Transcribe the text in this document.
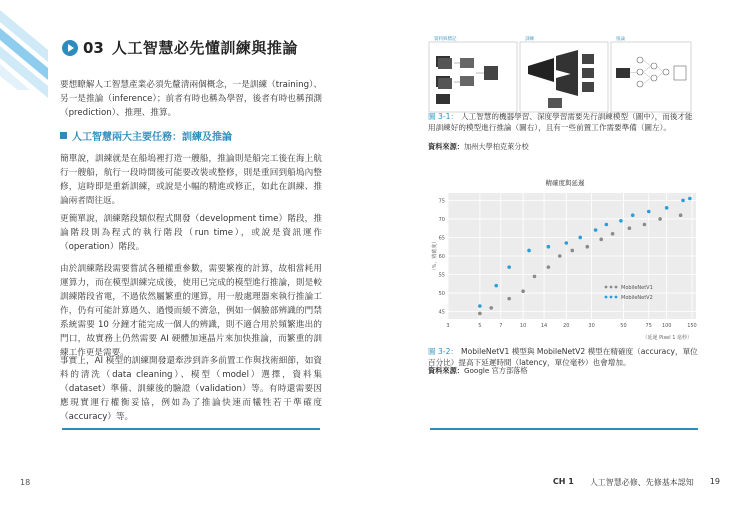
03 人工智慧必先懂訓練與推論

要想瞭解人工智慧產業必須先釐清兩個概念，一是訓練（training）、另一是推論（inference）；前者有時也稱為學習，後者有時也稱預測（prediction）、推理、推算。

人工智慧兩大主要任務：訓練及推論

簡單說，訓練就是在船塢裡打造一艘船，推論則是船完工後在海上航行一艘船，航行一段時間後可能要改裝或整修，則是重回到船塢內整修，這時即是重新訓練，或說是小幅的精進或修正，如此在訓練、推論兩者間往返。

更簡單說，訓練階段類似程式開發（development time）階段，推論階段則為程式的執行階段（run time），或說是資訊運作（operation）階段。

由於訓練階段需要嘗試各種權重參數，需要繁複的計算，故相當耗用運算力，而在模型訓練完成後，使用已完成的模型進行推論，則是較訓練階段省電，不過依然屬繁重的運算，用一般處理器來執行推論工作，仍有可能計算過久、過慢而緩不濟急，例如一個臉部辨識的門禁系統需要 10 分鐘才能完成一個人的辨識，則不適合用於頻繁進出的門口，故實務上仍然需要 AI 硬體加速晶片來加快推論，而繁重的訓練工作更是需要。

事實上，AI 模型的訓練開發還牽涉到許多前置工作與找術細節，如資料的清洗（data cleaning）、模型（model）選擇，資料集（dataset）準備、訓練後的驗證（validation）等。有時還需要因應現實運行權衡妥協，例如為了推論快速而犧牲若干準確度（accuracy）等。

18
資料與標記	訓練	推論
圖 3-1： 人工智慧的機器學習、深度學習需要先行訓練模型（圖中），而後才能用訓練好的模型進行推論（圖右），且有一些前置工作需要準備（圖左）。
資料來源：加州大學柏克萊分校
精確度與延遲
45
50
55
60
65
70
75
3	5	7	10	14	20	30	50	75 100	150
MobileNetV1
MobileNetV2
（%，精確度）
（延遲 Pixel 1 毫秒）
圖 3-2： MobileNetV1 模型與 MobileNetV2 模型在精確度（accuracy，單位百分比）提高下延遲時間（latency，單位毫秒）也會增加。
資料來源：Google 官方部落格
CH 1 人工智慧必修、先修基本認知 19
